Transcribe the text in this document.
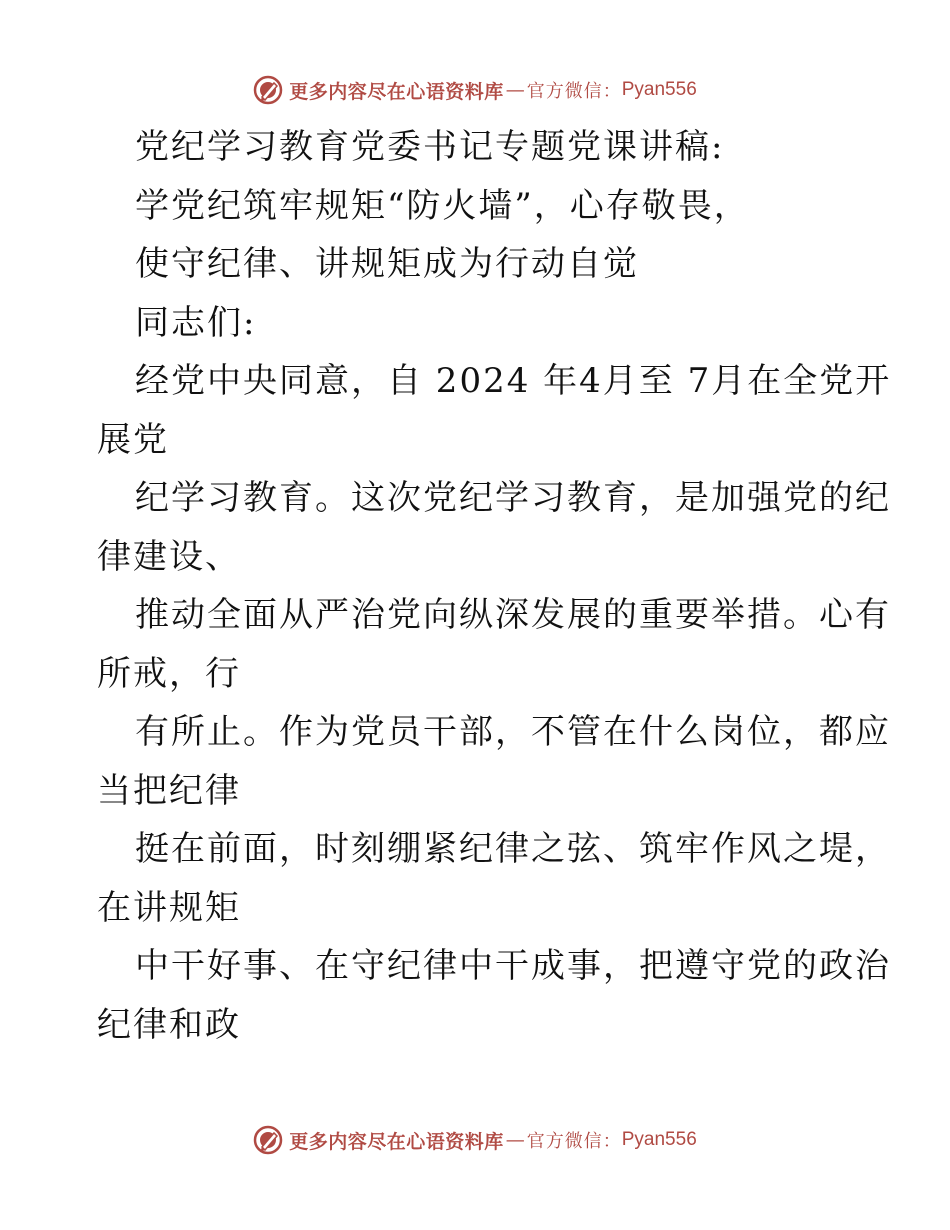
更多内容尽在心语资料库 — 官方微信： Pyan556
党纪学习教育党委书记专题党课讲稿:
学党纪筑牢规矩“防火墙”，心存敬畏，
使守纪律、讲规矩成为行动自觉
同志们:
经党中央同意，自 2024 年4月至 7月在全党开
展党
纪学习教育。这次党纪学习教育，是加强党的纪
律建设、
推动全面从严治党向纵深发展的重要举措。心有
所戒，行
有所止。作为党员干部，不管在什么岗位，都应
当把纪律
挺在前面，时刻绷紧纪律之弦、筑牢作风之堤，
在讲规矩
中干好事、在守纪律中干成事，把遵守党的政治
纪律和政
更多内容尽在心语资料库 — 官方微信： Pyan556
